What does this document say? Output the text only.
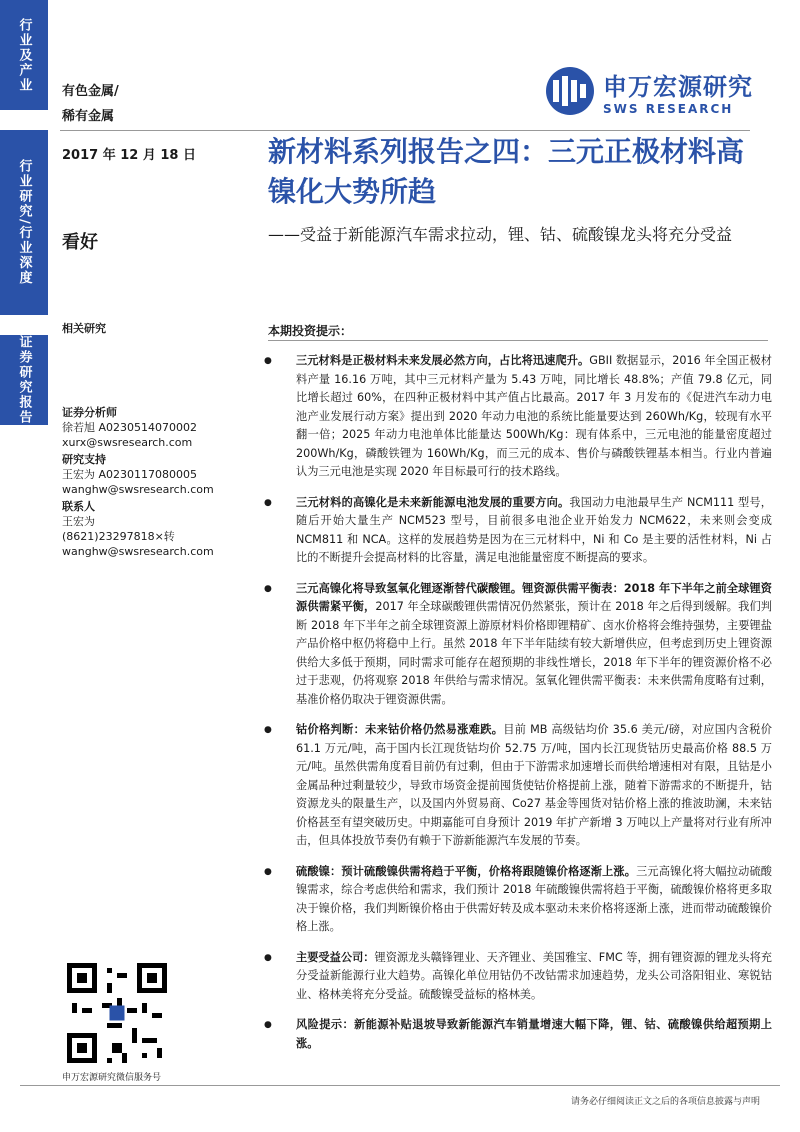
行业及产业
行业研究/行业深度
证券研究报告
有色金属/
稀有金属
申万宏源研究
SWS RESEARCH
2017 年 12 月 18 日
看好
新材料系列报告之四：三元正极材料高镍化大势所趋
——受益于新能源汽车需求拉动，锂、钴、硫酸镍龙头将充分受益
相关研究
证券分析师
徐若旭 A0230514070002
xurx@swsresearch.com
研究支持
王宏为 A0230117080005
wanghw@swsresearch.com
联系人
王宏为
(8621)23297818×转
wanghw@swsresearch.com
本期投资提示：
● 三元材料是正极材料未来发展必然方向，占比将迅速爬升。GBII 数据显示，2016 年全国正极材料产量 16.16 万吨，其中三元材料产量为 5.43 万吨，同比增长 48.8%；产值 79.8 亿元，同比增长超过 60%，在四种正极材料中其产值占比最高。2017 年 3 月发布的《促进汽车动力电池产业发展行动方案》提出到 2020 年动力电池的系统比能量要达到 260Wh/Kg，较现有水平翻一倍；2025 年动力电池单体比能量达 500Wh/Kg：现有体系中，三元电池的能量密度超过 200Wh/Kg，磷酸铁锂为 160Wh/Kg，而三元的成本、售价与磷酸铁锂基本相当。行业内普遍认为三元电池是实现 2020 年目标最可行的技术路线。
● 三元材料的高镍化是未来新能源电池发展的重要方向。我国动力电池最早生产 NCM111 型号，随后开始大量生产 NCM523 型号，目前很多电池企业开始发力 NCM622，未来则会变成 NCM811 和 NCA。这样的发展趋势是因为在三元材料中，Ni 和 Co 是主要的活性材料，Ni 占比的不断提升会提高材料的比容量，满足电池能量密度不断提高的要求。
● 三元高镍化将导致氢氧化锂逐渐替代碳酸锂。锂资源供需平衡表：2018 年下半年之前全球锂资源供需紧平衡，2017 年全球碳酸锂供需情况仍然紧张，预计在 2018 年之后得到缓解。我们判断 2018 年下半年之前全球锂资源上游原材料价格即锂精矿、卤水价格将会维持强势，主要锂盐产品价格中枢仍将稳中上行。虽然 2018 年下半年陆续有较大新增供应，但考虑到历史上锂资源供给大多低于预期，同时需求可能存在超预期的非线性增长，2018 年下半年的锂资源价格不必过于悲观，仍将观察 2018 年供给与需求情况。氢氧化锂供需平衡表：未来供需角度略有过剩，基准价格仍取决于锂资源供需。
● 钴价格判断：未来钴价格仍然易涨难跌。目前 MB 高级钴均价 35.6 美元/磅，对应国内含税价 61.1 万元/吨，高于国内长江现货钴均价 52.75 万/吨，国内长江现货钴历史最高价格 88.5 万元/吨。虽然供需角度看目前仍有过剩，但由于下游需求加速增长而供给增速相对有限，且钴是小金属品种过剩量较少，导致市场资金提前囤货使钴价格提前上涨，随着下游需求的不断提升，钴资源龙头的限量生产，以及国内外贸易商、Co27 基金等囤货对钴价格上涨的推波助澜，未来钴价格甚至有望突破历史。中期嘉能可自身预计 2019 年扩产新增 3 万吨以上产量将对行业有所冲击，但具体投放节奏仍有赖于下游新能源汽车发展的节奏。
● 硫酸镍：预计硫酸镍供需将趋于平衡，价格将跟随镍价格逐渐上涨。三元高镍化将大幅拉动硫酸镍需求，综合考虑供给和需求，我们预计 2018 年硫酸镍供需将趋于平衡，硫酸镍价格将更多取决于镍价格，我们判断镍价格由于供需好转及成本驱动未来价格将逐渐上涨，进而带动硫酸镍价格上涨。
● 主要受益公司：锂资源龙头赣锋锂业、天齐锂业、美国雅宝、FMC 等，拥有锂资源的锂龙头将充分受益新能源行业大趋势。高镍化单位用钴仍不改钴需求加速趋势，龙头公司洛阳钼业、寒锐钴业、格林美将充分受益。硫酸镍受益标的格林美。
● 风险提示：新能源补贴退坡导致新能源汽车销量增速大幅下降，锂、钴、硫酸镍供给超预期上涨。
申万宏源研究微信服务号
请务必仔细阅读正文之后的各项信息披露与声明
